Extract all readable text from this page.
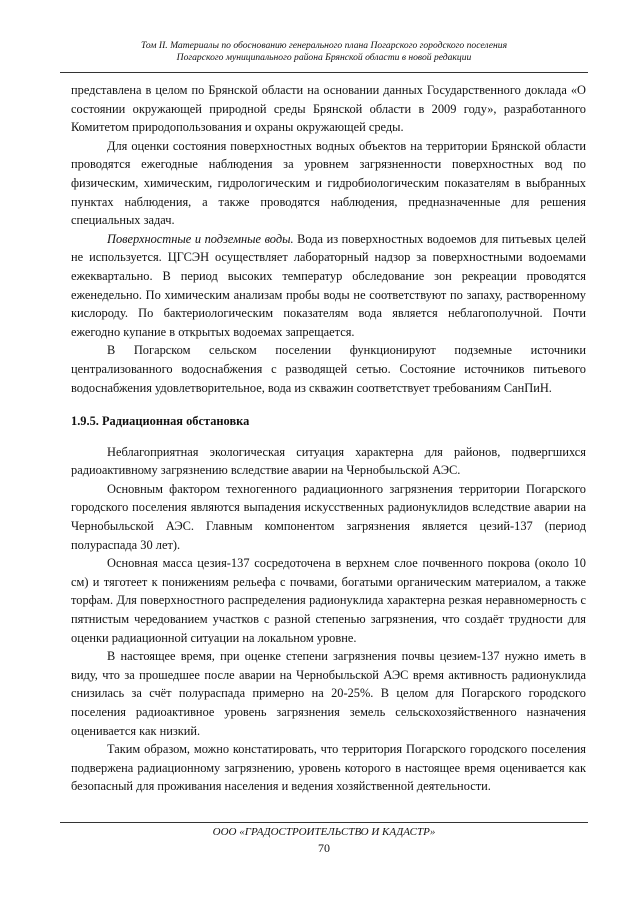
Том II. Материалы по обоснованию генерального плана Погарского городского поселения
Погарского муниципального района Брянской области в новой редакции

представлена в целом по Брянской области на основании данных Государственного доклада «О состоянии окружающей природной среды Брянской области в 2009 году», разработанного Комитетом природопользования и охраны окружающей среды.

Для оценки состояния поверхностных водных объектов на территории Брянской области проводятся ежегодные наблюдения за уровнем загрязненности поверхностных вод по физическим, химическим, гидрологическим и гидробиологическим показателям в выбранных пунктах наблюдения, а также проводятся наблюдения, предназначенные для решения специальных задач.

Поверхностные и подземные воды. Вода из поверхностных водоемов для питьевых целей не используется. ЦГСЭН осуществляет лабораторный надзор за поверхностными водоемами ежеквартально. В период высоких температур обследование зон рекреации проводятся еженедельно. По химическим анализам пробы воды не соответствуют по запаху, растворенному кислороду. По бактериологическим показателям вода является неблагополучной. Почти ежегодно купание в открытых водоемах запрещается.

В Погарском сельском поселении функционируют подземные источники централизованного водоснабжения с разводящей сетью. Состояние источников питьевого водоснабжения удовлетворительное, вода из скважин соответствует требованиям СанПиН.

1.9.5. Радиационная обстановка

Неблагоприятная экологическая ситуация характерна для районов, подвергшихся радиоактивному загрязнению вследствие аварии на Чернобыльской АЭС.

Основным фактором техногенного радиационного загрязнения территории Погарского городского поселения являются выпадения искусственных радионуклидов вследствие аварии на Чернобыльской АЭС. Главным компонентом загрязнения является цезий-137 (период полураспада 30 лет).

Основная масса цезия-137 сосредоточена в верхнем слое почвенного покрова (около 10 см) и тяготеет к понижениям рельефа с почвами, богатыми органическим материалом, а также торфам. Для поверхностного распределения радионуклида характерна резкая неравномерность с пятнистым чередованием участков с разной степенью загрязнения, что создаёт трудности для оценки радиационной ситуации на локальном уровне.

В настоящее время, при оценке степени загрязнения почвы цезием-137 нужно иметь в виду, что за прошедшее после аварии на Чернобыльской АЭС время активность радионуклида снизилась за счёт полураспада примерно на 20-25%. В целом для Погарского городского поселения радиоактивное уровень загрязнения земель сельскохозяйственного назначения оценивается как низкий.

Таким образом, можно констатировать, что территория Погарского городского поселения подвержена радиационному загрязнению, уровень которого в настоящее время оценивается как безопасный для проживания населения и ведения хозяйственной деятельности.

ООО «ГРАДОСТРОИТЕЛЬСТВО И КАДАСТР»
70
